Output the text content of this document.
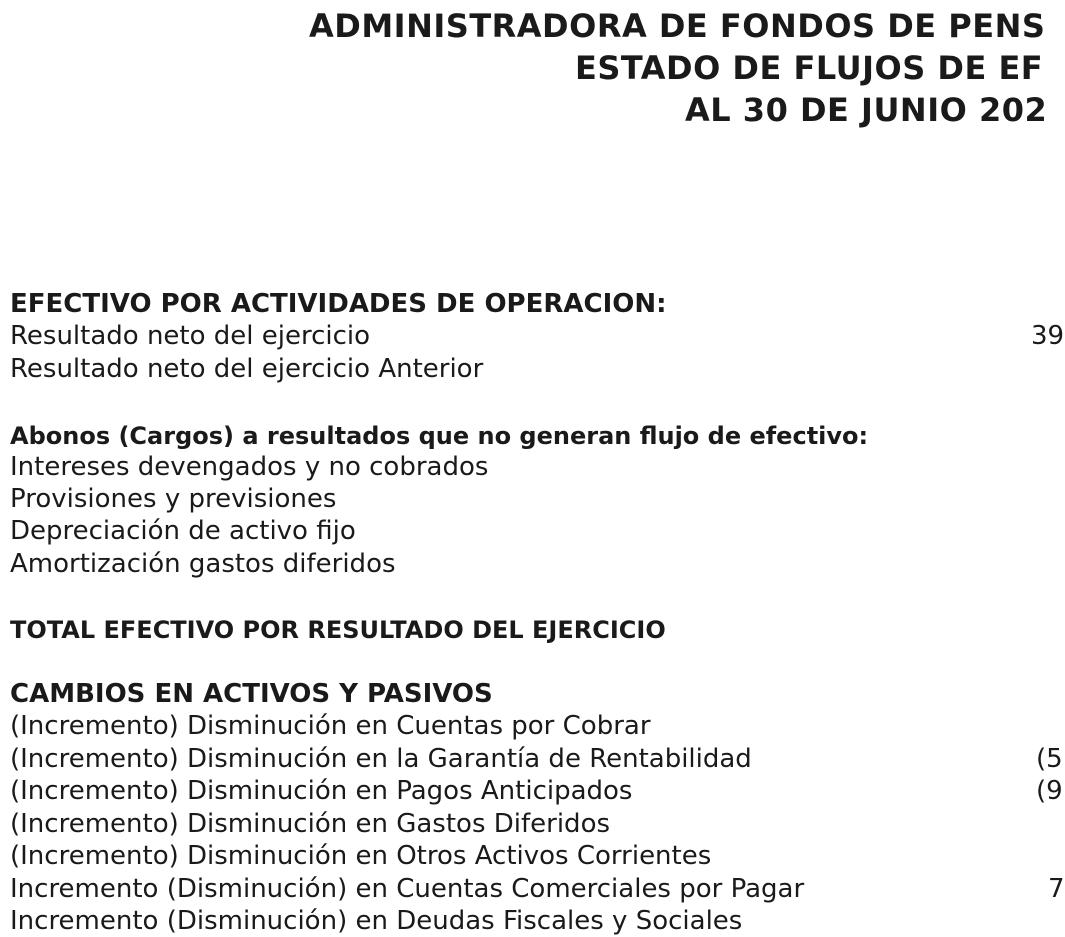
ADMINISTRADORA DE FONDOS DE PENS
ESTADO DE FLUJOS DE EF
AL 30 DE JUNIO 202
EFECTIVO POR ACTIVIDADES DE OPERACION:
Resultado neto del ejercicio	39
Resultado neto del ejercicio Anterior
Abonos (Cargos) a resultados que no generan flujo de efectivo:
Intereses devengados y no cobrados
Provisiones y previsiones
Depreciación de activo fijo
Amortización gastos diferidos
TOTAL EFECTIVO POR RESULTADO DEL EJERCICIO
CAMBIOS EN ACTIVOS Y PASIVOS
(Incremento) Disminución en Cuentas por Cobrar
(Incremento) Disminución en la Garantía de Rentabilidad	(5
(Incremento) Disminución en Pagos Anticipados	(9
(Incremento) Disminución en Gastos Diferidos
(Incremento) Disminución en Otros Activos Corrientes
Incremento (Disminución) en Cuentas Comerciales por Pagar	7
Incremento (Disminución) en Deudas Fiscales y Sociales
